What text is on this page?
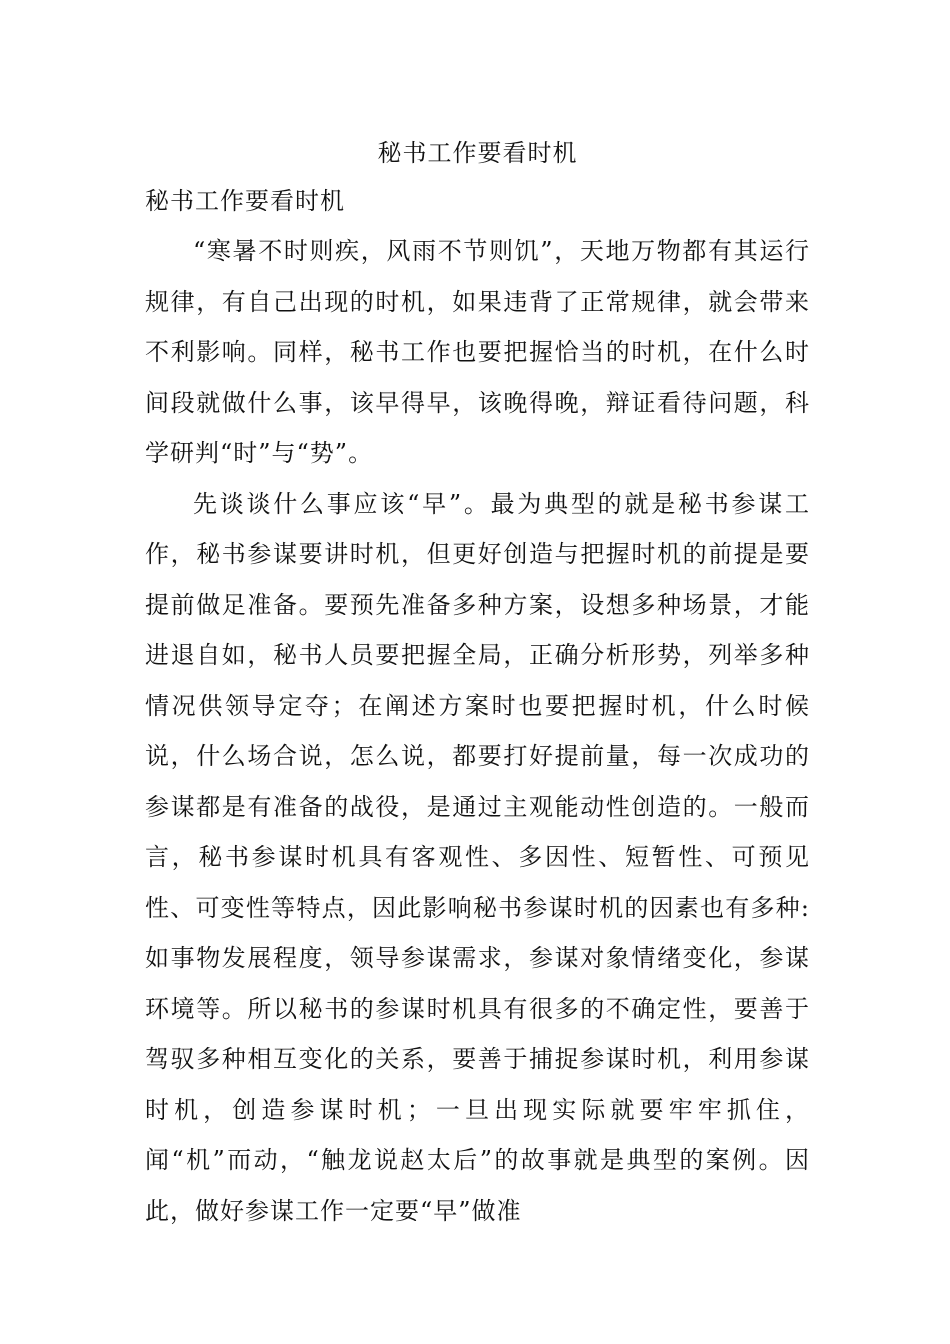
秘书工作要看时机
秘书工作要看时机

“寒暑不时则疾，风雨不节则饥”，天地万物都有其运行规律，有自己出现的时机，如果违背了正常规律，就会带来不利影响。同样，秘书工作也要把握恰当的时机，在什么时间段就做什么事，该早得早，该晚得晚，辩证看待问题，科学研判“时”与“势”。

先谈谈什么事应该“早”。最为典型的就是秘书参谋工作，秘书参谋要讲时机，但更好创造与把握时机的前提是要提前做足准备。要预先准备多种方案，设想多种场景，才能进退自如，秘书人员要把握全局，正确分析形势，列举多种情况供领导定夺；在阐述方案时也要把握时机，什么时候说，什么场合说，怎么说，都要打好提前量，每一次成功的参谋都是有准备的战役，是通过主观能动性创造的。一般而言，秘书参谋时机具有客观性、多因性、短暂性、可预见性、可变性等特点，因此影响秘书参谋时机的因素也有多种:如事物发展程度，领导参谋需求，参谋对象情绪变化，参谋环境等。所以秘书的参谋时机具有很多的不确定性，要善于驾驭多种相互变化的关系，要善于捕捉参谋时机，利用参谋时机，创造参谋时机；一旦出现实际就要牢牢抓住，闻“机”而动，“触龙说赵太后”的故事就是典型的案例。因此，做好参谋工作一定要“早”做准
